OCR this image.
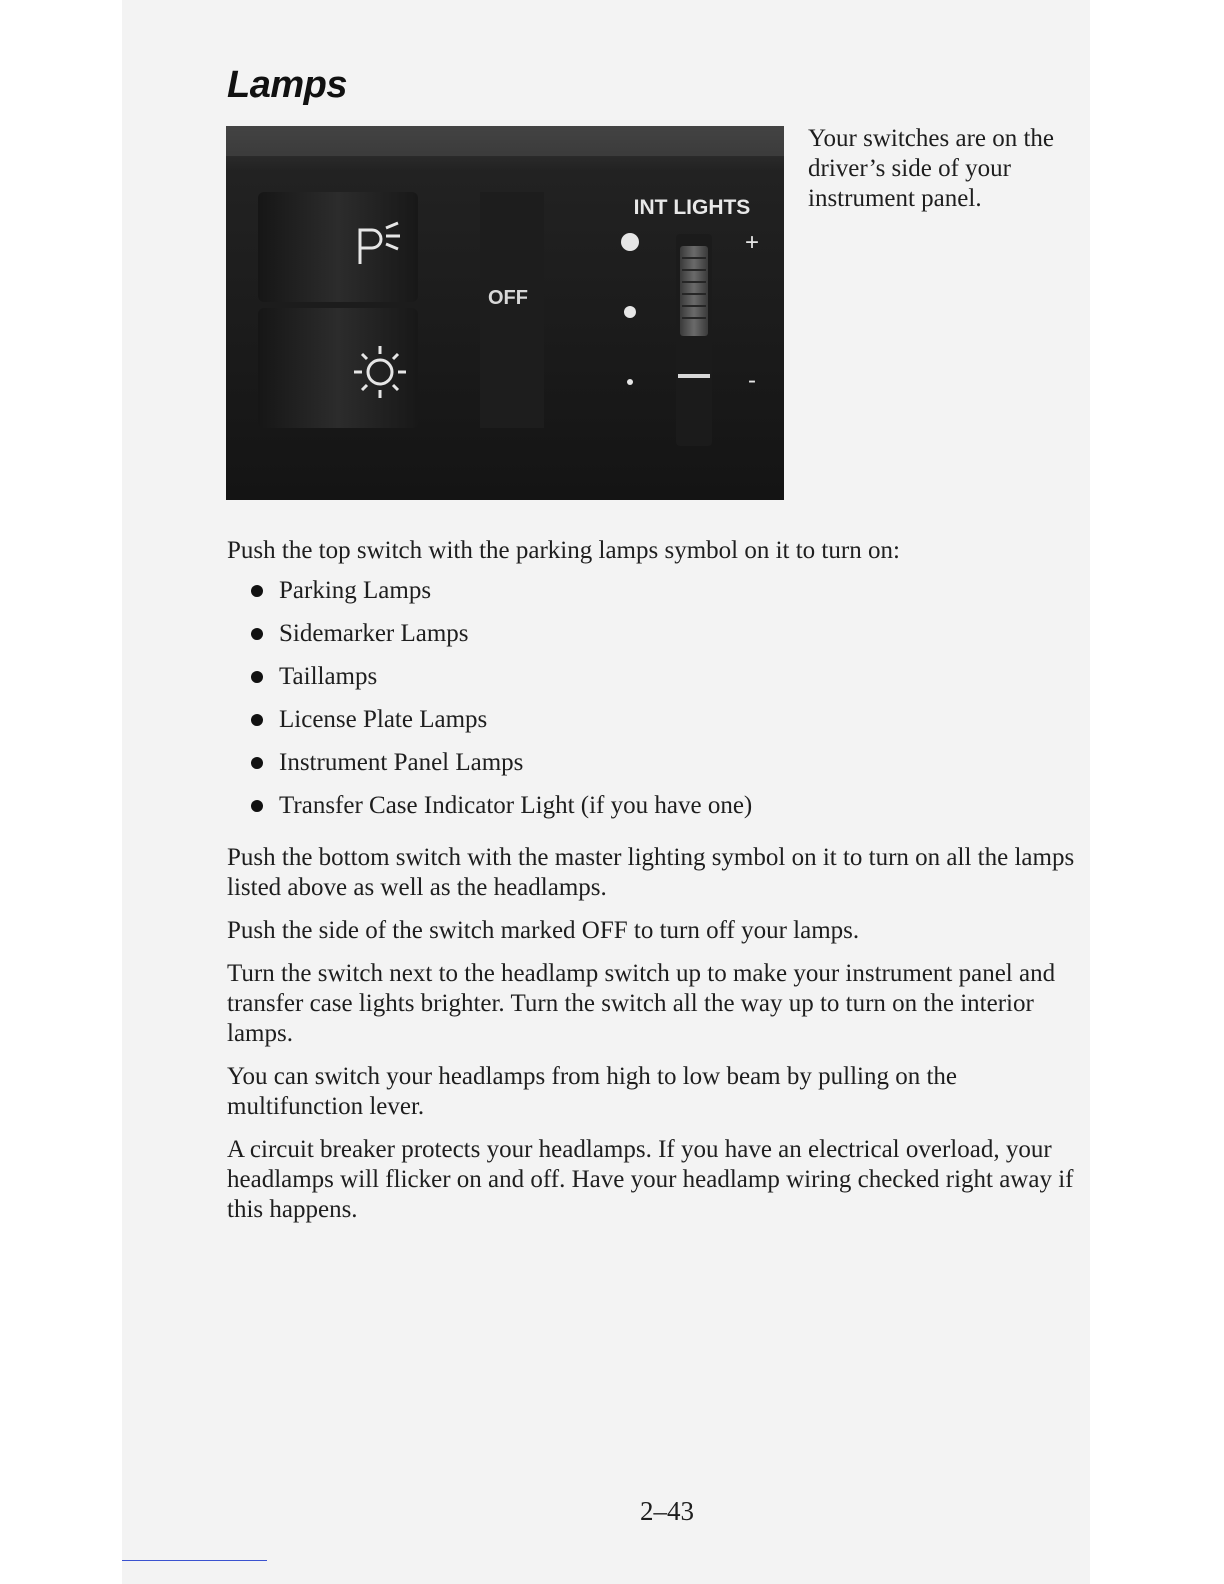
Lamps
OFF
INT LIGHTS
+
-

Your switches are on the driver’s side of your instrument panel.

Push the top switch with the parking lamps symbol on it to turn on:

Parking Lamps
Sidemarker Lamps
Taillamps
License Plate Lamps
Instrument Panel Lamps
Transfer Case Indicator Light (if you have one)

Push the bottom switch with the master lighting symbol on it to turn on all the lamps listed above as well as the headlamps.

Push the side of the switch marked OFF to turn off your lamps.

Turn the switch next to the headlamp switch up to make your instrument panel and transfer case lights brighter. Turn the switch all the way up to turn on the interior lamps.

You can switch your headlamps from high to low beam by pulling on the multifunction lever.

A circuit breaker protects your headlamps. If you have an electrical overload, your headlamps will flicker on and off. Have your headlamp wiring checked right away if this happens.

2–43
